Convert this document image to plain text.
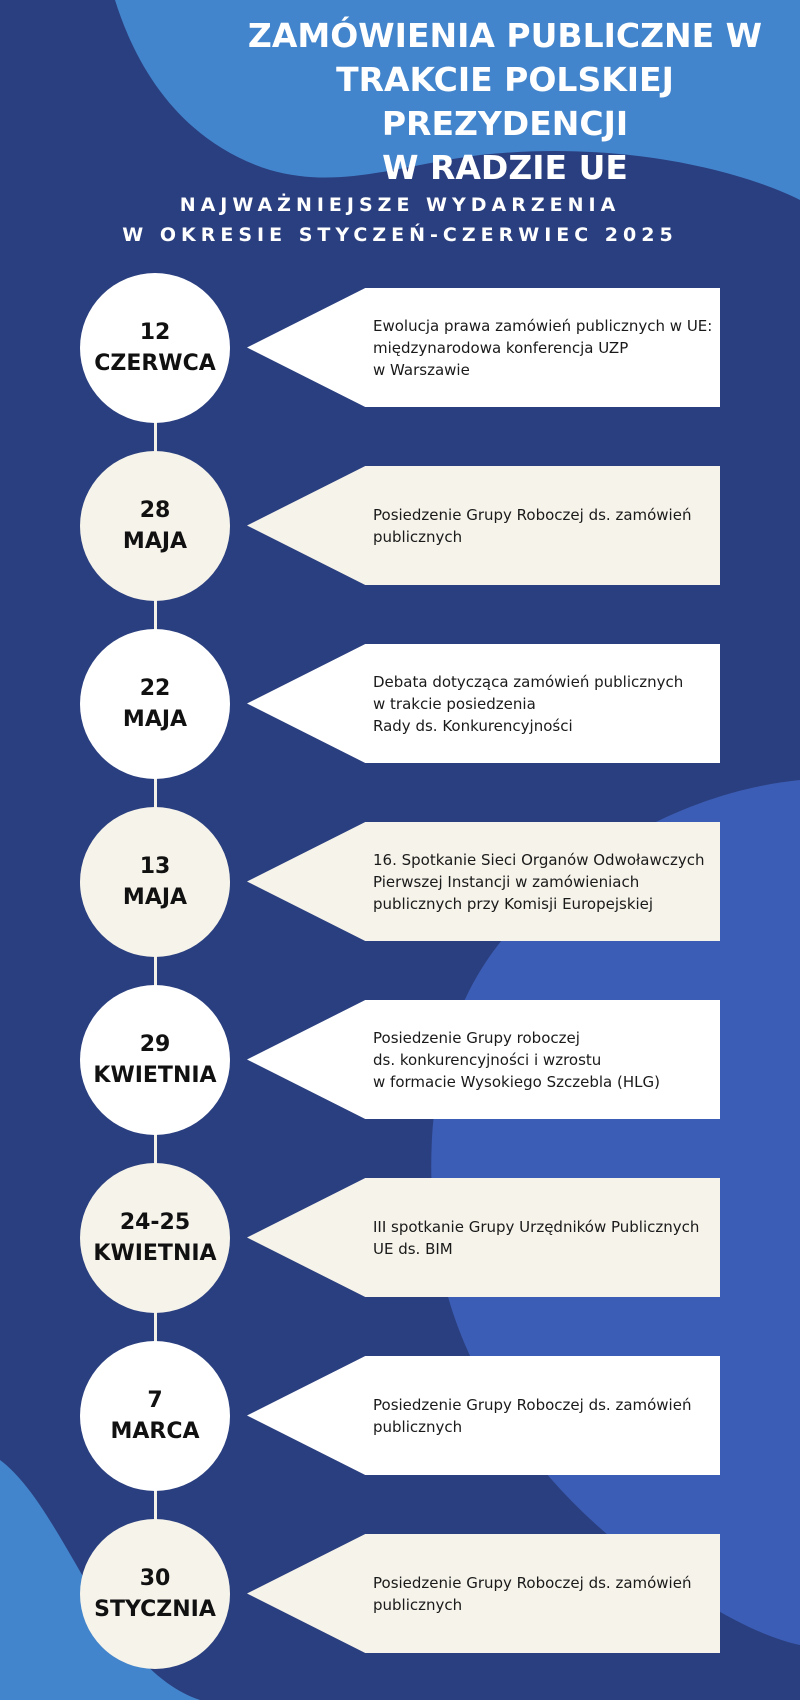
ZAMÓWIENIA PUBLICZNE W
TRAKCIE POLSKIEJ PREZYDENCJI
W RADZIE UE
NAJWAŻNIEJSZE WYDARZENIA
W OKRESIE STYCZEŃ-CZERWIEC 2025
12
CZERWCA
Ewolucja prawa zamówień publicznych w UE:
międzynarodowa konferencja UZP
w Warszawie
28
MAJA
Posiedzenie Grupy Roboczej ds. zamówień
publicznych
22
MAJA
Debata dotycząca zamówień publicznych
w trakcie posiedzenia
Rady ds. Konkurencyjności
13
MAJA
16. Spotkanie Sieci Organów Odwoławczych
Pierwszej Instancji w zamówieniach
publicznych przy Komisji Europejskiej
29
KWIETNIA
Posiedzenie Grupy roboczej
ds. konkurencyjności i wzrostu
w formacie Wysokiego Szczebla (HLG)
24-25
KWIETNIA
III spotkanie Grupy Urzędników Publicznych
UE ds. BIM
7
MARCA
Posiedzenie Grupy Roboczej ds. zamówień
publicznych
30
STYCZNIA
Posiedzenie Grupy Roboczej ds. zamówień
publicznych
